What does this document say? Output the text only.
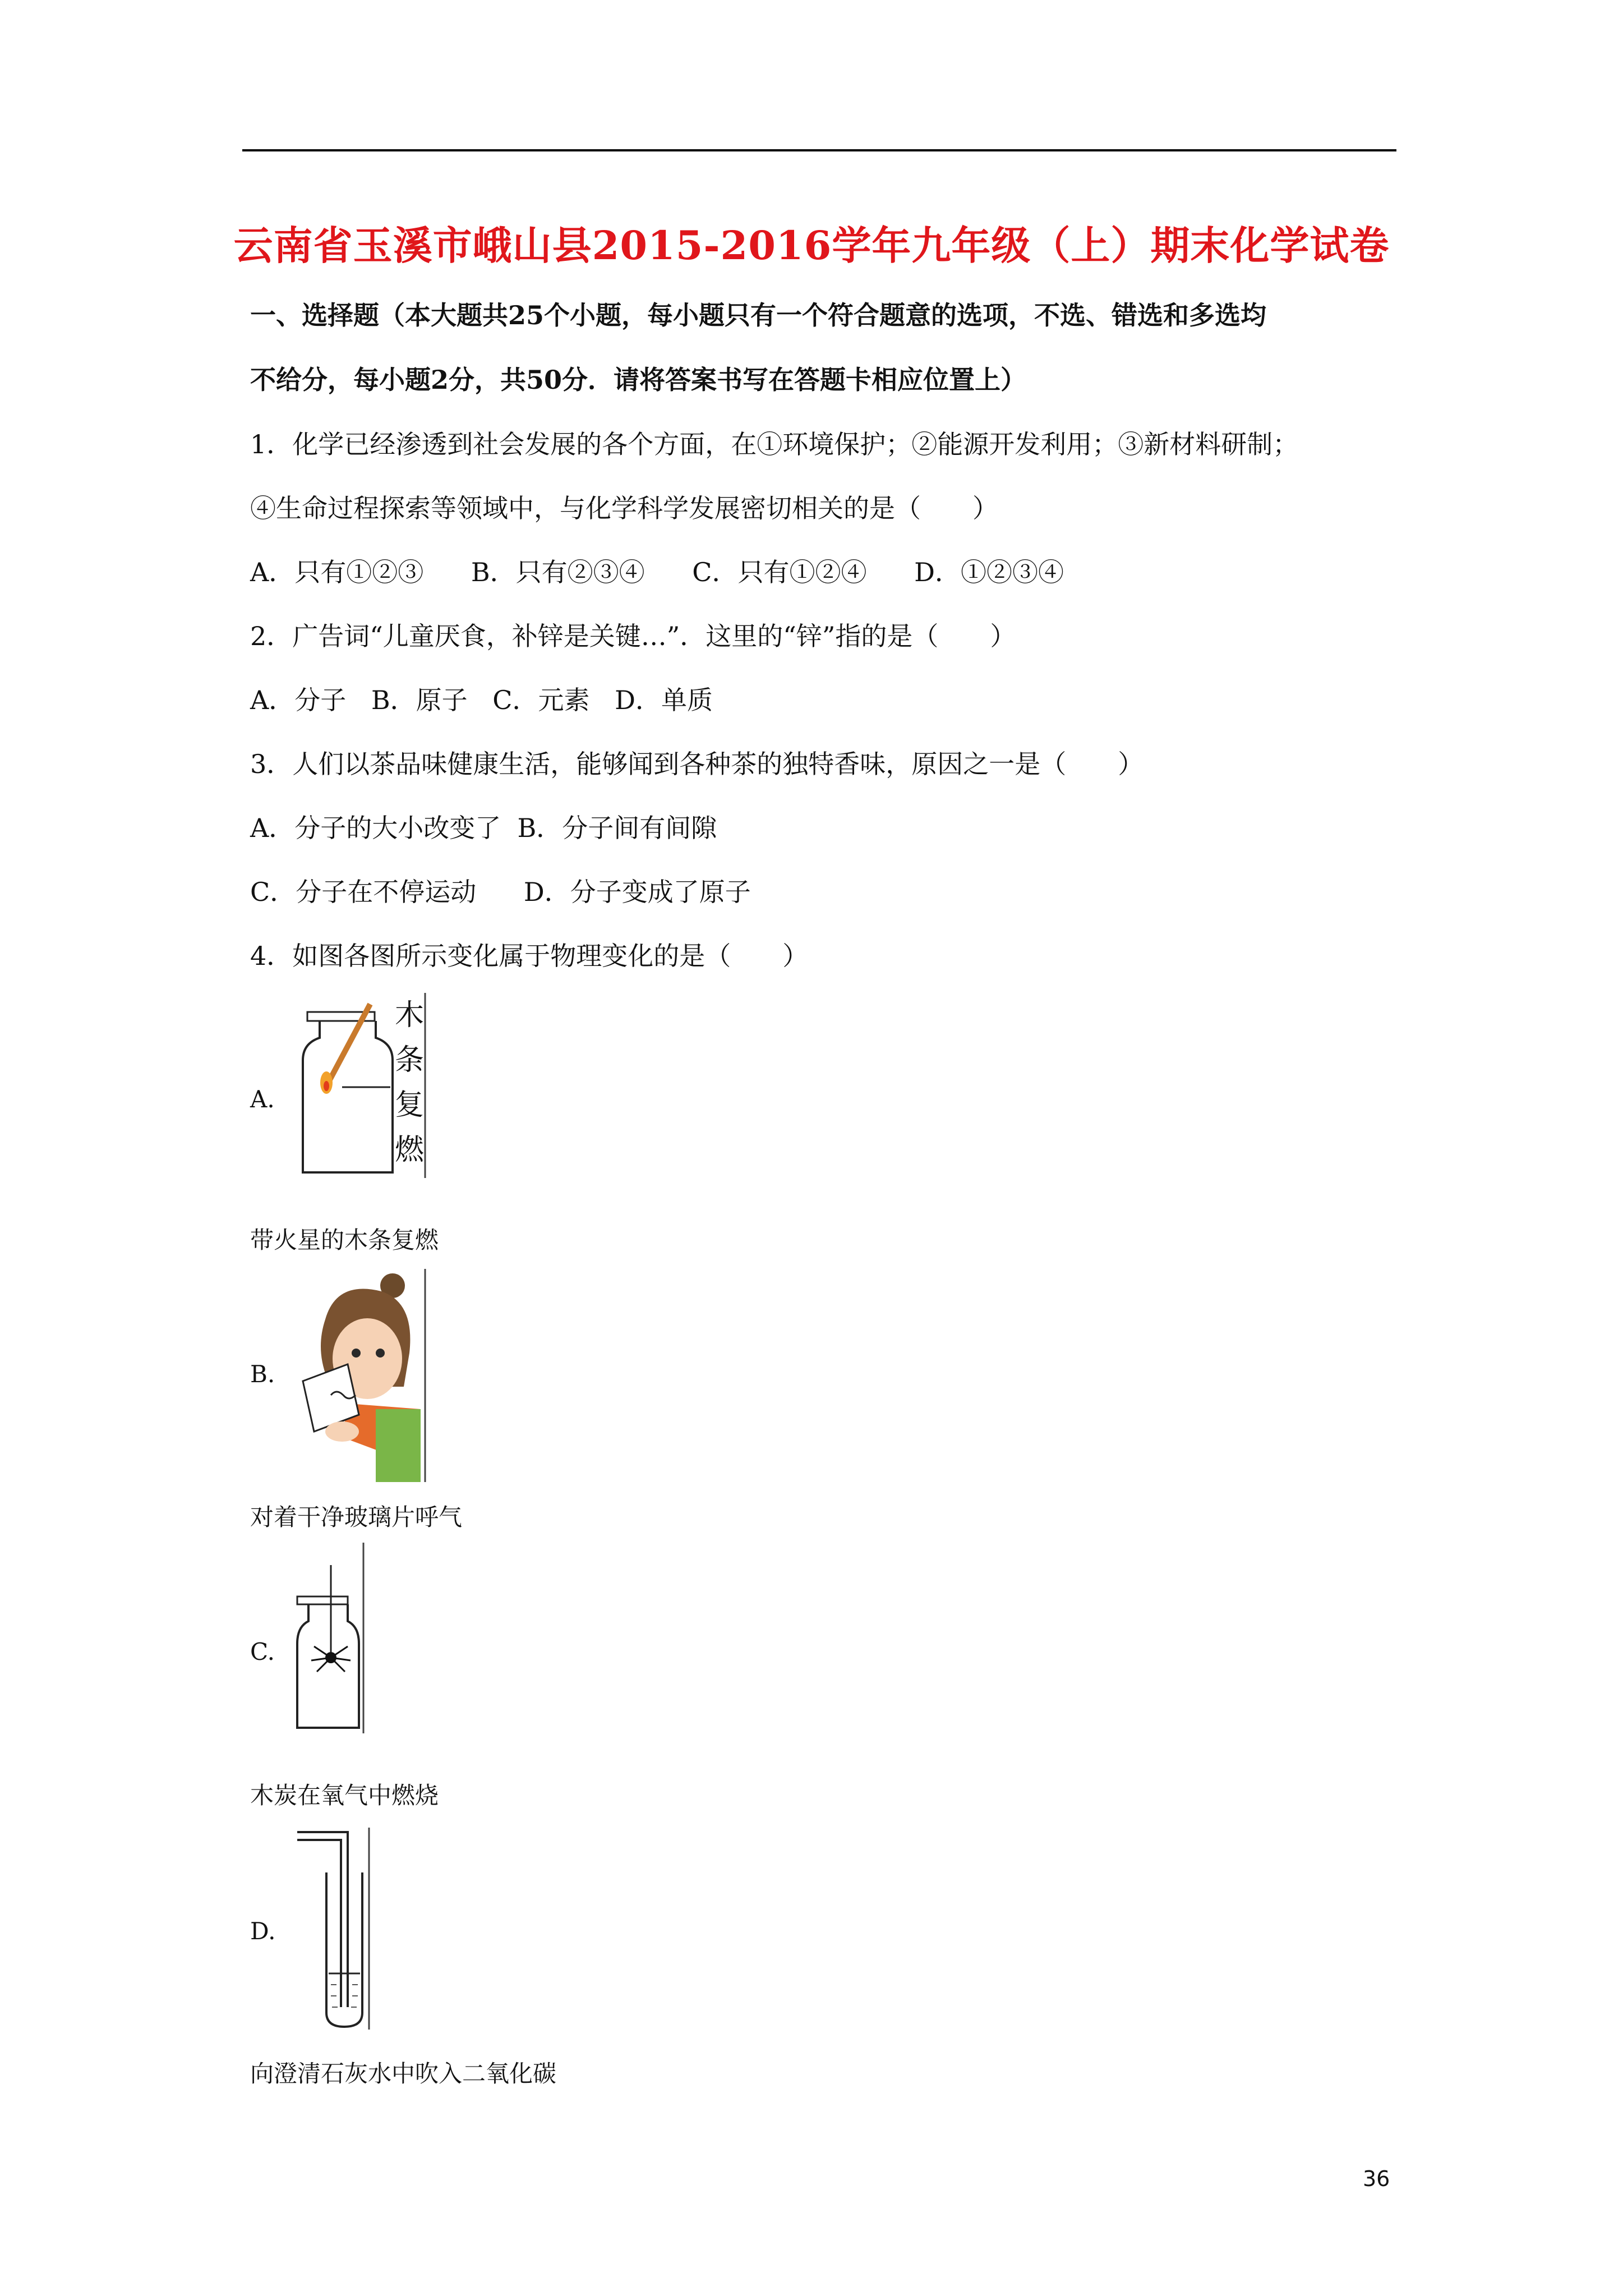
云南省玉溪市峨山县2015-2016学年九年级（上）期末化学试卷
一、选择题（本大题共25个小题，每小题只有一个符合题意的选项，不选、错选和多选均
不给分，每小题2分，共50分．请将答案书写在答题卡相应位置上）
1．化学已经渗透到社会发展的各个方面，在①环境保护；②能源开发利用；③新材料研制；
④生命过程探索等领域中，与化学科学发展密切相关的是（　　）
A．只有①②③ B．只有②③④ C．只有①②④ D．①②③④
2．广告词“儿童厌食，补锌是关键…”．这里的“锌”指的是（　　）
A．分子 B．原子 C．元素 D．单质
3．人们以茶品味健康生活，能够闻到各种茶的独特香味，原因之一是（　　）
A．分子的大小改变了 B．分子间有间隙
C．分子在不停运动 D．分子变成了原子
4．如图各图所示变化属于物理变化的是（　　）
A.
木
条
复
燃
带火星的木条复燃
B.
对着干净玻璃片呼气
C.
木炭在氧气中燃烧
D.
向澄清石灰水中吹入二氧化碳
36
